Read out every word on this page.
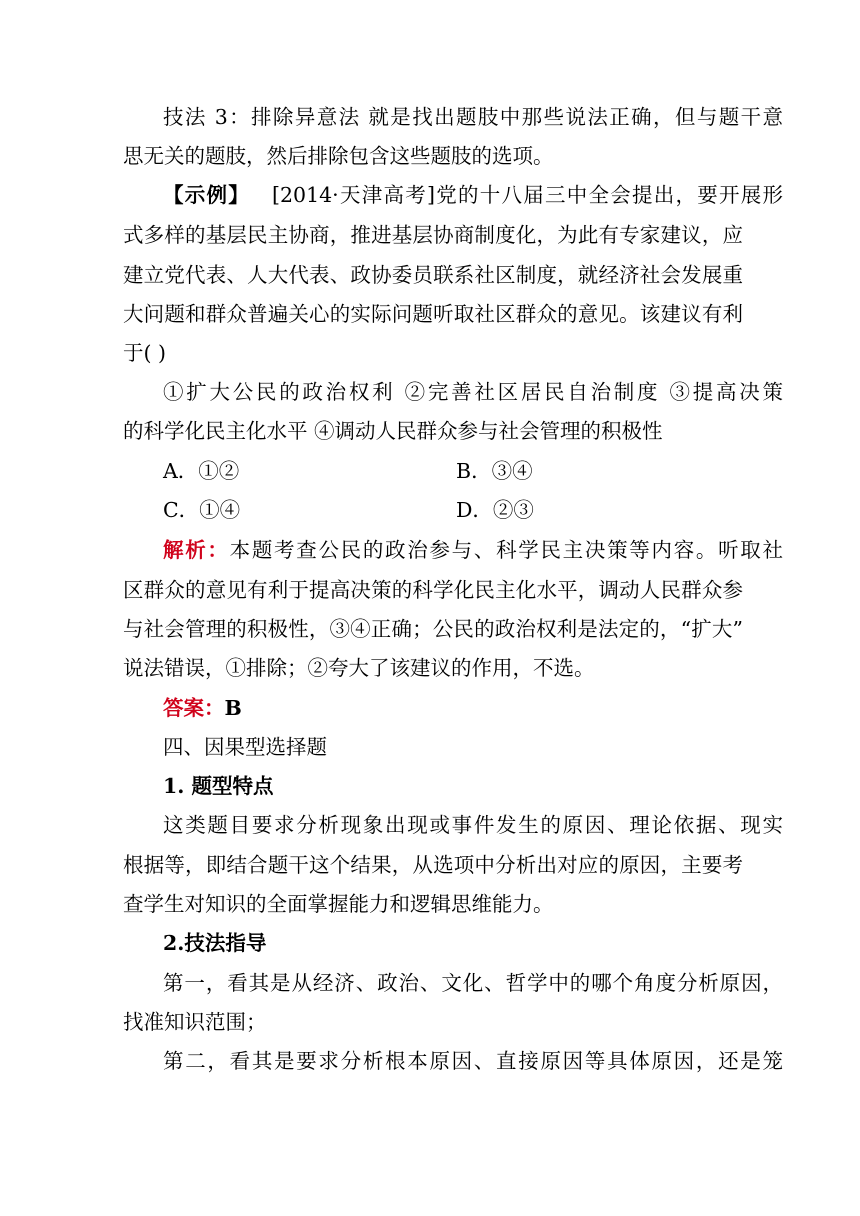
技法 3：排除异意法 就是找出题肢中那些说法正确，但与题干意
思无关的题肢，然后排除包含这些题肢的选项。
【示例】 [2014·天津高考]党的十八届三中全会提出，要开展形
式多样的基层民主协商，推进基层协商制度化，为此有专家建议，应
建立党代表、人大代表、政协委员联系社区制度，就经济社会发展重
大问题和群众普遍关心的实际问题听取社区群众的意见。该建议有利
于( )
①扩大公民的政治权利 ②完善社区居民自治制度 ③提高决策
的科学化民主化水平 ④调动人民群众参与社会管理的积极性
A．①②	B．③④
C．①④	D．②③
解析：本题考查公民的政治参与、科学民主决策等内容。听取社
区群众的意见有利于提高决策的科学化民主化水平，调动人民群众参
与社会管理的积极性，③④正确；公民的政治权利是法定的，“扩大”
说法错误，①排除；②夸大了该建议的作用，不选。
答案：B
四、因果型选择题
1. 题型特点
这类题目要求分析现象出现或事件发生的原因、理论依据、现实
根据等，即结合题干这个结果，从选项中分析出对应的原因，主要考
查学生对知识的全面掌握能力和逻辑思维能力。
2.技法指导
第一，看其是从经济、政治、文化、哲学中的哪个角度分析原因，
找准知识范围；
第二，看其是要求分析根本原因、直接原因等具体原因，还是笼
